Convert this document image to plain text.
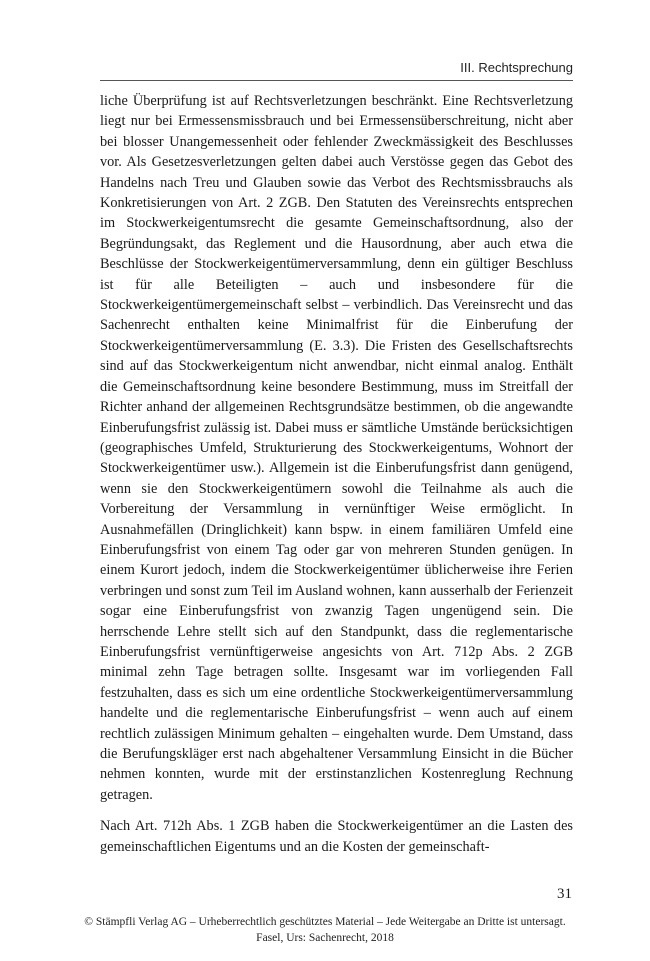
III. Rechtsprechung

liche Überprüfung ist auf Rechtsverletzungen beschränkt. Eine Rechtsverletzung liegt nur bei Ermessensmissbrauch und bei Ermessensüberschreitung, nicht aber bei blosser Unangemessenheit oder fehlender Zweckmässigkeit des Beschlusses vor. Als Gesetzesverletzungen gelten dabei auch Verstösse gegen das Gebot des Handelns nach Treu und Glauben sowie das Verbot des Rechtsmissbrauchs als Konkretisierungen von Art. 2 ZGB. Den Statuten des Vereinsrechts entsprechen im Stockwerkeigentumsrecht die gesamte Gemeinschaftsordnung, also der Begründungsakt, das Reglement und die Hausordnung, aber auch etwa die Beschlüsse der Stockwerkeigentümerversammlung, denn ein gültiger Beschluss ist für alle Beteiligten – auch und insbesondere für die Stockwerkeigentümergemeinschaft selbst – verbindlich. Das Vereinsrecht und das Sachenrecht enthalten keine Minimalfrist für die Einberufung der Stockwerkeigentümerversammlung (E. 3.3). Die Fristen des Gesellschaftsrechts sind auf das Stockwerkeigentum nicht anwendbar, nicht einmal analog. Enthält die Gemeinschaftsordnung keine besondere Bestimmung, muss im Streitfall der Richter anhand der allgemeinen Rechtsgrundsätze bestimmen, ob die angewandte Einberufungsfrist zulässig ist. Dabei muss er sämtliche Umstände berücksichtigen (geographisches Umfeld, Strukturierung des Stockwerkeigentums, Wohnort der Stockwerkeigentümer usw.). Allgemein ist die Einberufungsfrist dann genügend, wenn sie den Stockwerkeigentümern sowohl die Teilnahme als auch die Vorbereitung der Versammlung in vernünftiger Weise ermöglicht. In Ausnahmefällen (Dringlichkeit) kann bspw. in einem familiären Umfeld eine Einberufungsfrist von einem Tag oder gar von mehreren Stunden genügen. In einem Kurort jedoch, indem die Stockwerkeigentümer üblicherweise ihre Ferien verbringen und sonst zum Teil im Ausland wohnen, kann ausserhalb der Ferienzeit sogar eine Einberufungsfrist von zwanzig Tagen ungenügend sein. Die herrschende Lehre stellt sich auf den Standpunkt, dass die reglementarische Einberufungsfrist vernünftigerweise angesichts von Art. 712p Abs. 2 ZGB minimal zehn Tage betragen sollte. Insgesamt war im vorliegenden Fall festzuhalten, dass es sich um eine ordentliche Stockwerkeigentümerversammlung handelte und die reglementarische Einberufungsfrist – wenn auch auf einem rechtlich zulässigen Minimum gehalten – eingehalten wurde. Dem Umstand, dass die Berufungskläger erst nach abgehaltener Versammlung Einsicht in die Bücher nehmen konnten, wurde mit der erstinstanzlichen Kostenreglung Rechnung getragen.

Nach Art. 712h Abs. 1 ZGB haben die Stockwerkeigentümer an die Lasten des gemeinschaftlichen Eigentums und an die Kosten der gemeinschaft-

31
© Stämpfli Verlag AG – Urheberrechtlich geschütztes Material – Jede Weitergabe an Dritte ist untersagt.
Fasel, Urs: Sachenrecht, 2018
